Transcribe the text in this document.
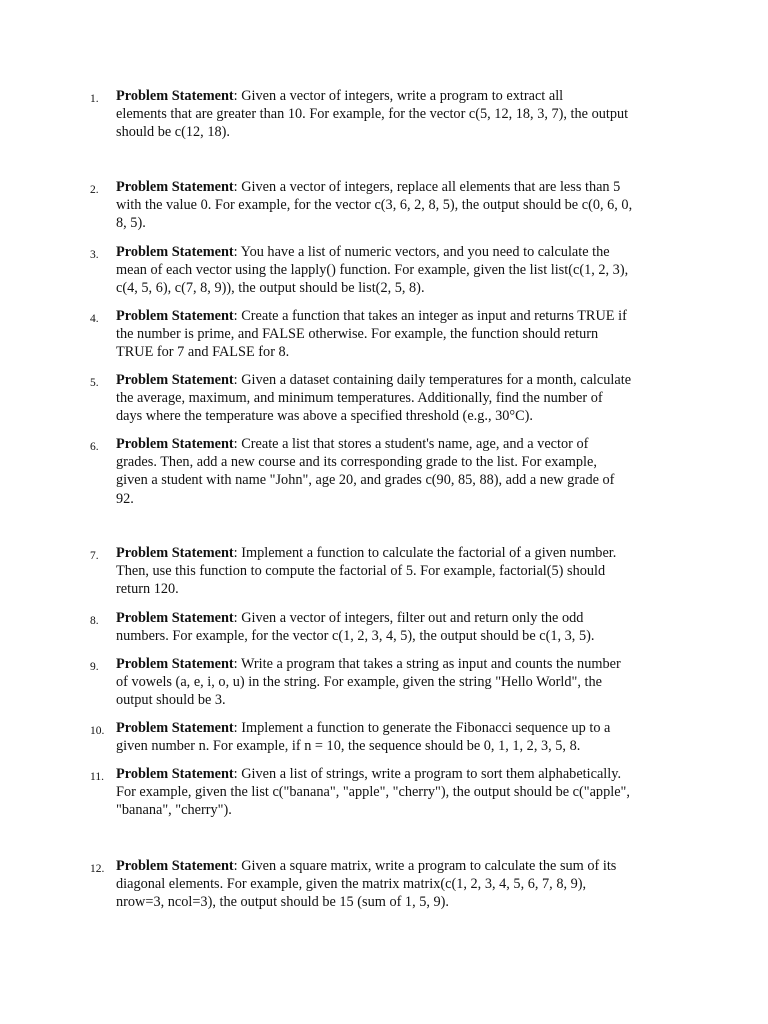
1.	Problem Statement: Given a vector of integers, write a program to extract all
elements that are greater than 10. For example, for the vector c(5, 12, 18, 3, 7), the output
should be c(12, 18).
2.	Problem Statement: Given a vector of integers, replace all elements that are less than 5
with the value 0. For example, for the vector c(3, 6, 2, 8, 5), the output should be c(0, 6, 0,
8, 5).
3.	Problem Statement: You have a list of numeric vectors, and you need to calculate the
mean of each vector using the lapply() function. For example, given the list list(c(1, 2, 3),
c(4, 5, 6), c(7, 8, 9)), the output should be list(2, 5, 8).
4.	Problem Statement: Create a function that takes an integer as input and returns TRUE if
the number is prime, and FALSE otherwise. For example, the function should return
TRUE for 7 and FALSE for 8.
5.	Problem Statement: Given a dataset containing daily temperatures for a month, calculate
the average, maximum, and minimum temperatures. Additionally, find the number of
days where the temperature was above a specified threshold (e.g., 30°C).
6.	Problem Statement: Create a list that stores a student's name, age, and a vector of
grades. Then, add a new course and its corresponding grade to the list. For example,
given a student with name "John", age 20, and grades c(90, 85, 88), add a new grade of
92.
7.	Problem Statement: Implement a function to calculate the factorial of a given number.
Then, use this function to compute the factorial of 5. For example, factorial(5) should
return 120.
8.	Problem Statement: Given a vector of integers, filter out and return only the odd
numbers. For example, for the vector c(1, 2, 3, 4, 5), the output should be c(1, 3, 5).
9.	Problem Statement: Write a program that takes a string as input and counts the number
of vowels (a, e, i, o, u) in the string. For example, given the string "Hello World", the
output should be 3.
10. Problem Statement: Implement a function to generate the Fibonacci sequence up to a
given number n. For example, if n = 10, the sequence should be 0, 1, 1, 2, 3, 5, 8.
11. Problem Statement: Given a list of strings, write a program to sort them alphabetically.
For example, given the list c("banana", "apple", "cherry"), the output should be c("apple",
"banana", "cherry").
12. Problem Statement: Given a square matrix, write a program to calculate the sum of its
diagonal elements. For example, given the matrix matrix(c(1, 2, 3, 4, 5, 6, 7, 8, 9),
nrow=3, ncol=3), the output should be 15 (sum of 1, 5, 9).
